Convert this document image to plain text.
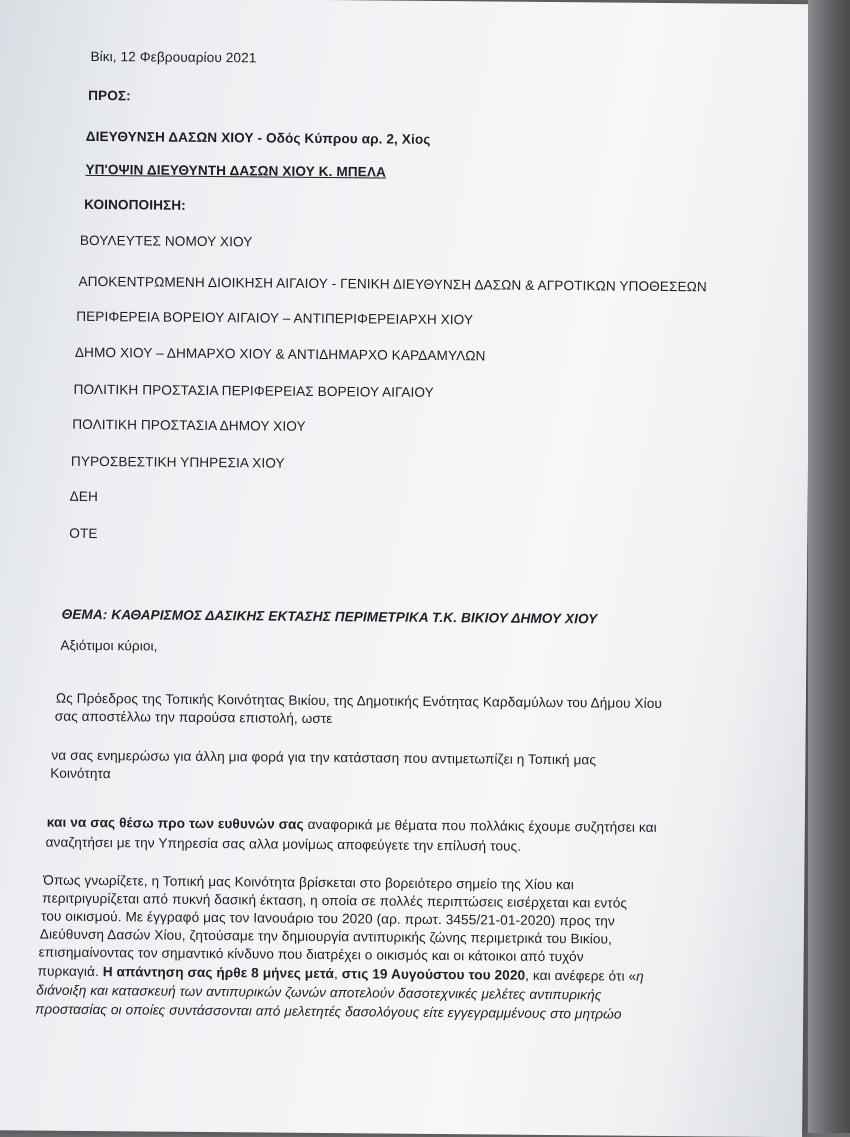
Βίκι, 12 Φεβρουαρίου 2021
ΠΡΟΣ:
ΔΙΕΥΘΥΝΣΗ ΔΑΣΩΝ ΧΙΟΥ - Οδός Κύπρου αρ. 2, Χίος
ΥΠ'ΟΨΙΝ ΔΙΕΥΘΥΝΤΗ ΔΑΣΩΝ ΧΙΟΥ Κ. ΜΠΕΛΑ
ΚΟΙΝΟΠΟΙΗΣΗ:
ΒΟΥΛΕΥΤΕΣ ΝΟΜΟΥ ΧΙΟΥ
ΑΠΟΚΕΝΤΡΩΜΕΝΗ ΔΙΟΙΚΗΣΗ ΑΙΓΑΙΟΥ - ΓΕΝΙΚΗ ΔΙΕΥΘΥΝΣΗ ΔΑΣΩΝ & ΑΓΡΟΤΙΚΩΝ ΥΠΟΘΕΣΕΩΝ
ΠΕΡΙΦΕΡΕΙΑ ΒΟΡΕΙΟΥ ΑΙΓΑΙΟΥ – ΑΝΤΙΠΕΡΙΦΕΡΕΙΑΡΧΗ ΧΙΟΥ
ΔΗΜΟ ΧΙΟΥ – ΔΗΜΑΡΧΟ ΧΙΟΥ & ΑΝΤΙΔΗΜΑΡΧΟ ΚΑΡΔΑΜΥΛΩΝ
ΠΟΛΙΤΙΚΗ ΠΡΟΣΤΑΣΙΑ ΠΕΡΙΦΕΡΕΙΑΣ ΒΟΡΕΙΟΥ ΑΙΓΑΙΟΥ
ΠΟΛΙΤΙΚΗ ΠΡΟΣΤΑΣΙΑ ΔΗΜΟΥ ΧΙΟΥ
ΠΥΡΟΣΒΕΣΤΙΚΗ ΥΠΗΡΕΣΙΑ ΧΙΟΥ
ΔΕΗ
ΟΤΕ
ΘΕΜΑ: ΚΑΘΑΡΙΣΜΟΣ ΔΑΣΙΚΗΣ ΕΚΤΑΣΗΣ ΠΕΡΙΜΕΤΡΙΚΑ Τ.Κ. ΒΙΚΙΟΥ ΔΗΜΟΥ ΧΙΟΥ
Αξιότιμοι κύριοι,
Ως Πρόεδρος της Τοπικής Κοινότητας Βικίου, της Δημοτικής Ενότητας Καρδαμύλων του Δήμου Χίου
σας αποστέλλω την παρούσα επιστολή, ωστε
να σας ενημερώσω για άλλη μια φορά για την κατάσταση που αντιμετωπίζει η Τοπική μας
Κοινότητα
και να σας θέσω προ των ευθυνών σας αναφορικά με θέματα που πολλάκις έχουμε συζητήσει και
αναζητήσει με την Υπηρεσία σας αλλα μονίμως αποφεύγετε την επίλυσή τους.
Όπως γνωρίζετε, η Τοπική μας Κοινότητα βρίσκεται στο βορειότερο σημείο της Χίου και
περιτριγυρίζεται από πυκνή δασική έκταση, η οποία σε πολλές περιπτώσεις εισέρχεται και εντός
του οικισμού. Με έγγραφό μας τον Ιανουάριο του 2020 (αρ. πρωτ. 3455/21-01-2020) προς την
Διεύθυνση Δασών Χίου, ζητούσαμε την δημιουργία αντιπυρικής ζώνης περιμετρικά του Βικίου,
επισημαίνοντας τον σημαντικό κίνδυνο που διατρέχει ο οικισμός και οι κάτοικοι από τυχόν
πυρκαγιά. Η απάντηση σας ήρθε 8 μήνες μετά, στις 19 Αυγούστου του 2020, και ανέφερε ότι «η
διάνοιξη και κατασκευή των αντιπυρικών ζωνών αποτελούν δασοτεχνικές μελέτες αντιπυρικής
προστασίας οι οποίες συντάσσονται από μελετητές δασολόγους είτε εγγεγραμμένους στο μητρώο
